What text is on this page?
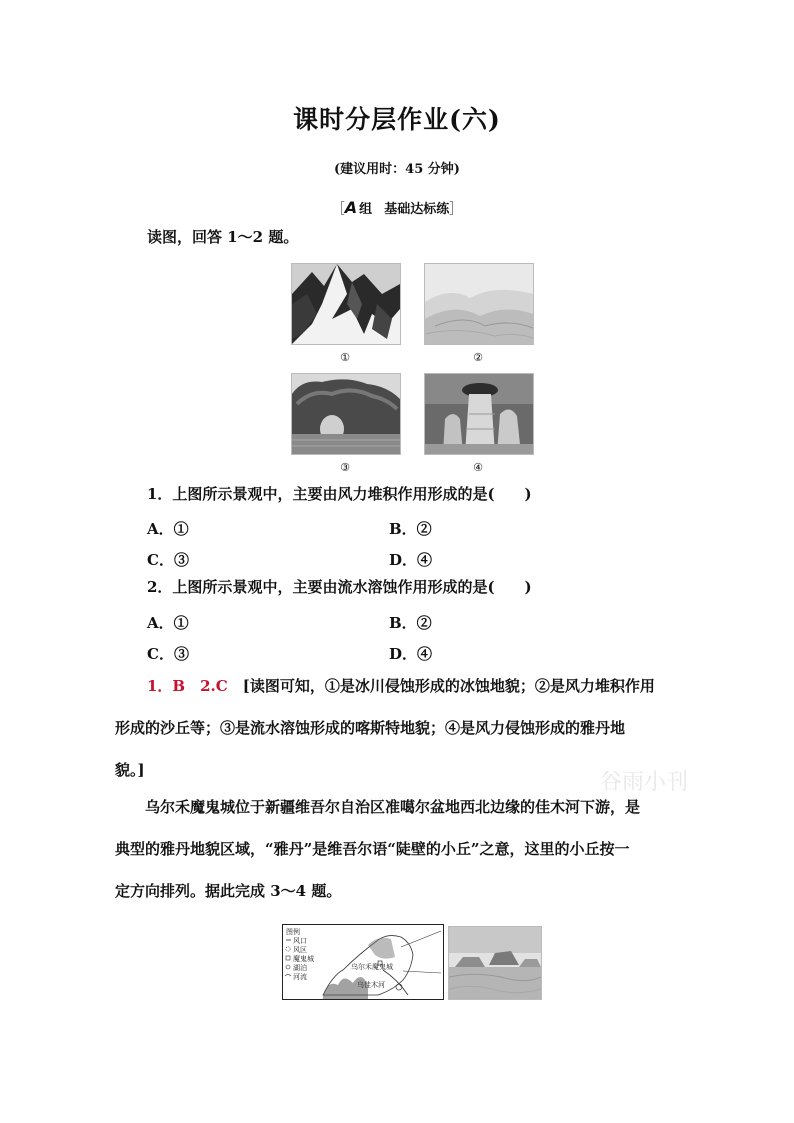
课时分层作业(六)
(建议用时：45 分钟)
［A 组 基础达标练］
读图，回答 1～2 题。
①	②
③	④
1．上图所示景观中，主要由风力堆积作用形成的是(　　)
A．①	B．②
C．③	D．④
2．上图所示景观中，主要由流水溶蚀作用形成的是(　　)
A．①	B．②
C．③	D．④
1．B　2.C　 [读图可知，①是冰川侵蚀形成的冰蚀地貌；②是风力堆积作用
形成的沙丘等；③是流水溶蚀形成的喀斯特地貌；④是风力侵蚀形成的雅丹地
貌。]	谷雨小刊
乌尔禾魔鬼城位于新疆维吾尔自治区准噶尔盆地西北边缘的佳木河下游，是
典型的雅丹地貌区域，“雅丹”是维吾尔语“陡壁的小丘”之意，这里的小丘按一
定方向排列。据此完成 3～4 题。
图例
风口
风区
魔鬼城
湖泊
河流
乌尔禾魔鬼城
乌佳木河
